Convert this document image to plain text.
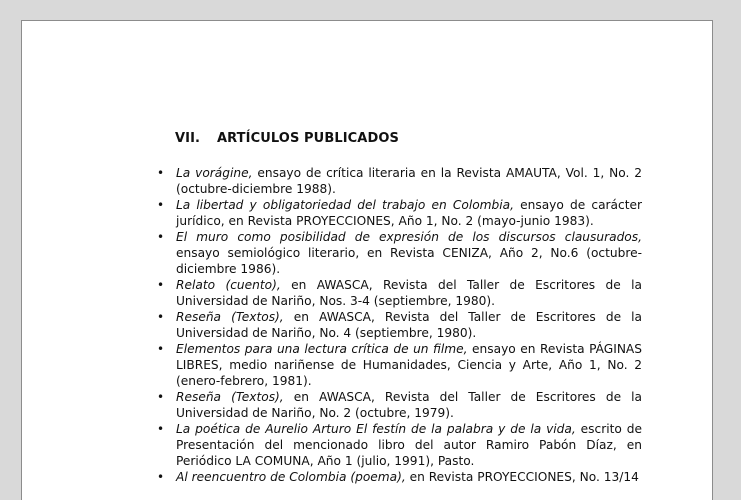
VII. ARTÍCULOS PUBLICADOS
• La vorágine, ensayo de crítica literaria en la Revista AMAUTA, Vol. 1, No. 2 (octubre-diciembre 1988).
• La libertad y obligatoriedad del trabajo en Colombia, ensayo de carácter jurídico, en Revista PROYECCIONES, Año 1, No. 2 (mayo-junio 1983).
• El muro como posibilidad de expresión de los discursos clausurados, ensayo semiológico literario, en Revista CENIZA, Año 2, No.6 (octubre-diciembre 1986).
• Relato (cuento), en AWASCA, Revista del Taller de Escritores de la Universidad de Nariño, Nos. 3-4 (septiembre, 1980).
• Reseña (Textos), en AWASCA, Revista del Taller de Escritores de la Universidad de Nariño, No. 4 (septiembre, 1980).
• Elementos para una lectura crítica de un filme, ensayo en Revista PÁGINAS LIBRES, medio nariñense de Humanidades, Ciencia y Arte, Año 1, No. 2 (enero-febrero, 1981).
• Reseña (Textos), en AWASCA, Revista del Taller de Escritores de la Universidad de Nariño, No. 2 (octubre, 1979).
• La poética de Aurelio Arturo El festín de la palabra y de la vida, escrito de Presentación del mencionado libro del autor Ramiro Pabón Díaz, en Periódico LA COMUNA, Año 1 (julio, 1991), Pasto.
• Al reencuentro de Colombia (poema), en Revista PROYECCIONES, No. 13/14
